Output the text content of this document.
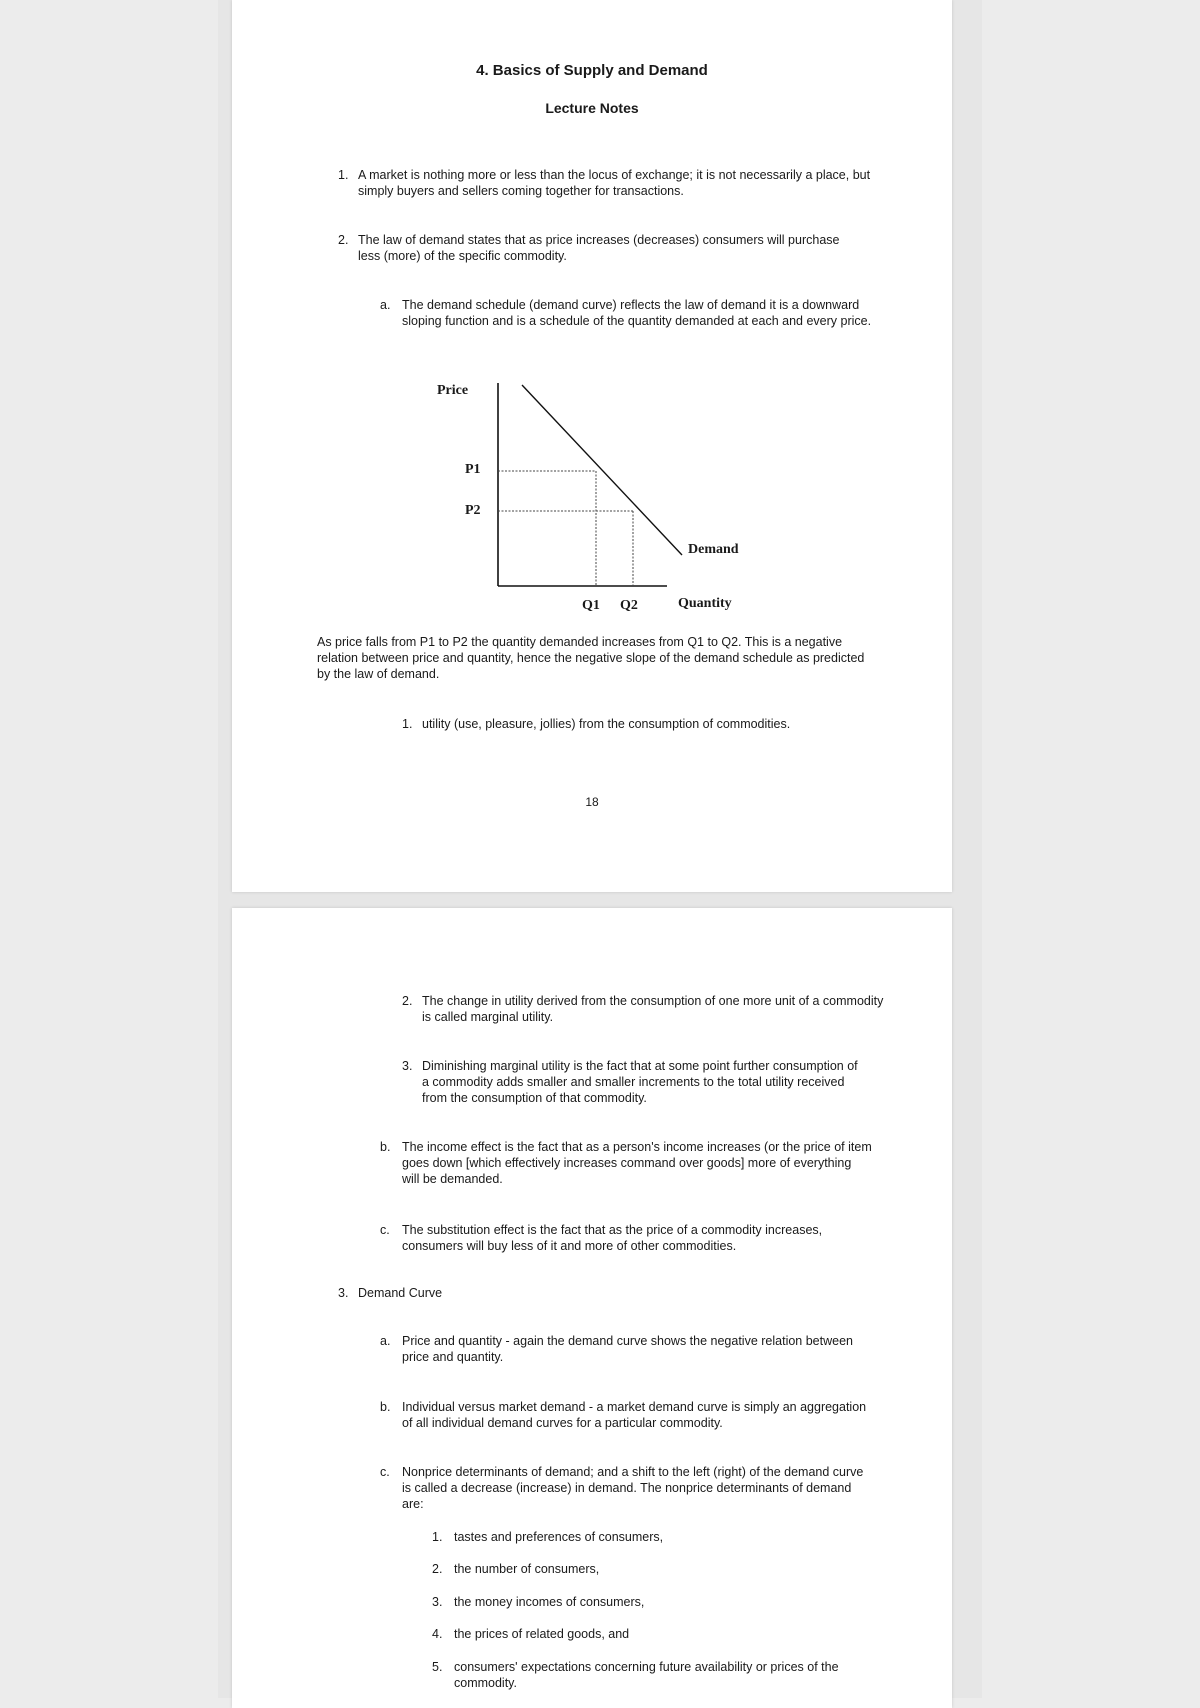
4. Basics of Supply and Demand
Lecture Notes
1. A market is nothing more or less than the locus of exchange; it is not necessarily a place, but simply buyers and sellers coming together for transactions.
2. The law of demand states that as price increases (decreases) consumers will purchase less (more) of the specific commodity.
a. The demand schedule (demand curve) reflects the law of demand it is a downward sloping function and is a schedule of the quantity demanded at each and every price.
Price
P1
P2
Demand
Q1 Q2	Quantity
As price falls from P1 to P2 the quantity demanded increases from Q1 to Q2. This is a negative relation between price and quantity, hence the negative slope of the demand schedule as predicted by the law of demand.
1. utility (use, pleasure, jollies) from the consumption of commodities.
18
2. The change in utility derived from the consumption of one more unit of a commodity is called marginal utility.
3. Diminishing marginal utility is the fact that at some point further consumption of a commodity adds smaller and smaller increments to the total utility received from the consumption of that commodity.
b. The income effect is the fact that as a person's income increases (or the price of item goes down [which effectively increases command over goods] more of everything will be demanded.
c. The substitution effect is the fact that as the price of a commodity increases, consumers will buy less of it and more of other commodities.
3. Demand Curve
a. Price and quantity - again the demand curve shows the negative relation between price and quantity.
b. Individual versus market demand - a market demand curve is simply an aggregation of all individual demand curves for a particular commodity.
c. Nonprice determinants of demand; and a shift to the left (right) of the demand curve is called a decrease (increase) in demand. The nonprice determinants of demand are:
1. tastes and preferences of consumers,
2. the number of consumers,
3. the money incomes of consumers,
4. the prices of related goods, and
5. consumers' expectations concerning future availability or prices of the commodity.
